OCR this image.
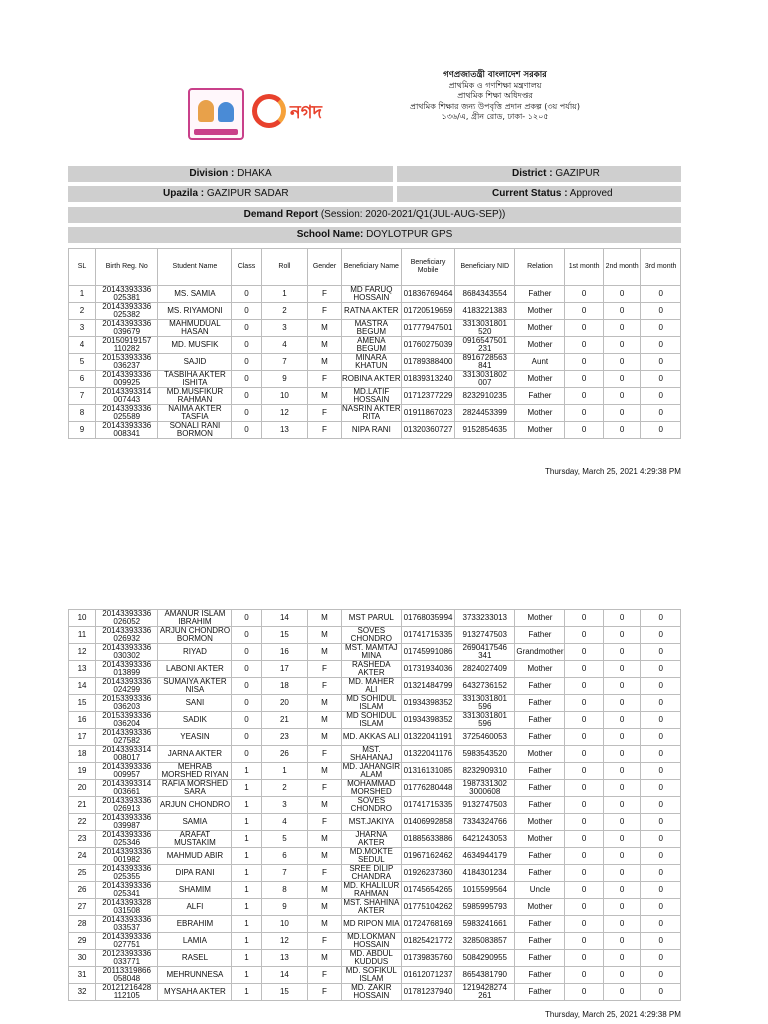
নগদ
গণপ্রজাতন্ত্রী বাংলাদেশ সরকার
প্রাথমিক ও গণশিক্ষা মন্ত্রণালয়
প্রাথমিক শিক্ষা অধিদপ্তর
প্রাথমিক শিক্ষার জন্য উপবৃত্তি প্রদান প্রকল্প (৩য় পর্যায়)
১৩৬/এ, গ্রীন রোড, ঢাকা- ১২০৫
Division : DHAKA	District : GAZIPUR
Upazila : GAZIPUR SADAR	Current Status : Approved
Demand Report (Session: 2020-2021/Q1(JUL-AUG-SEP))
School Name: DOYLOTPUR GPS
SL	Birth Reg. No	Student Name	Class	Roll	Gender	Beneficiary Name	Beneficiary Mobile	Beneficiary NID	Relation	1st month	2nd month	3rd month
1	20143393336 025381	MS. SAMIA	0	1	F	MD FARUQ HOSSAIN	01836769464	8684343554	Father	0	0	0
2	20143393336 025382	MS. RIYAMONI	0	2	F	RATNA AKTER	01720519659	4183221383	Mother	0	0	0
3	20143393336 039679	MAHMUDUAL HASAN	0	3	M	MASTRA BEGUM	01777947501	3313031801 520	Mother	0	0	0
4	20150919157 110282	MD. MUSFIK	0	4	M	AMENA BEGUM	01760275039	0916547501 231	Mother	0	0	0
5	20153393336 036237	SAJID	0	7	M	MINARA KHATUN	01789388400	8916728563 841	Aunt	0	0	0
6	20143393336 009925	TASBIHA AKTER ISHITA	0	9	F	ROBINA AKTER	01839313240	3313031802 007	Mother	0	0	0
7	20143393314 007443	MD.MUSFIKUR RAHMAN	0	10	M	MD.LATIF HOSSAIN	01712377229	8232910235	Father	0	0	0
8	20143393336 025589	NAIMA AKTER TASFIA	0	12	F	NASRIN AKTER RITA	01911867023	2824453399	Mother	0	0	0
9	20143393336 008341	SONALI RANI BORMON	0	13	F	NIPA RANI	01320360727	9152854635	Mother	0	0	0
Thursday, March 25, 2021 4:29:38 PM
10	20143393336 026052	AMANUR ISLAM IBRAHIM	0	14	M	MST PARUL	01768035994	3733233013	Mother	0	0	0
11	20143393336 026932	ARJUN CHONDRO BORMON	0	15	M	SOVES CHONDRO	01741715335	9132747503	Father	0	0	0
12	20143393336 030302	RIYAD	0	16	M	MST. MAMTAJ MINA	01745991086	2690417546 341	Grandmother	0	0	0
13	20143393336 013899	LABONI AKTER	0	17	F	RASHEDA AKTER	01731934036	2824027409	Mother	0	0	0
14	20143393336 024299	SUMAIYA AKTER NISA	0	18	F	MD. MAHER ALI	01321484799	6432736152	Father	0	0	0
15	20153393336 036203	SANI	0	20	M	MD SOHIDUL ISLAM	01934398352	3313031801 596	Father	0	0	0
16	20153393336 036204	SADIK	0	21	M	MD SOHIDUL ISLAM	01934398352	3313031801 596	Father	0	0	0
17	20143393336 027582	YEASIN	0	23	M	MD. AKKAS ALI	01322041191	3725460053	Father	0	0	0
18	20143393314 008017	JARNA AKTER	0	26	F	MST. SHAHANAJ	01322041176	5983543520	Mother	0	0	0
19	20143393336 009957	MEHRAB MORSHED RIYAN	1	1	M	MD. JAHANGIR ALAM	01316131085	8232909310	Father	0	0	0
20	20143393314 003661	RAFIA MORSHED SARA	1	2	F	MOHAMMAD MORSHED	01776280448	1987331302 3000608	Father	0	0	0
21	20143393336 026913	ARJUN CHONDRO	1	3	M	SOVES CHONDRO	01741715335	9132747503	Father	0	0	0
22	20143393336 039987	SAMIA	1	4	F	MST.JAKIYA	01406992858	7334324766	Mother	0	0	0
23	20143393336 025346	ARAFAT MUSTAKIM	1	5	M	JHARNA AKTER	01885633886	6421243053	Mother	0	0	0
24	20143393336 001982	MAHMUD ABIR	1	6	M	MD.MOKTE SEDUL	01967162462	4634944179	Father	0	0	0
25	20143393336 025355	DIPA RANI	1	7	F	SREE DILIP CHANDRA	01926237360	4184301234	Father	0	0	0
26	20143393336 025341	SHAMIM	1	8	M	MD. KHALILUR RAHMAN	01745654265	1015599564	Uncle	0	0	0
27	20143393328 031508	ALFI	1	9	M	MST. SHAHINA AKTER	01775104262	5985995793	Mother	0	0	0
28	20143393336 033537	EBRAHIM	1	10	M	MD RIPON MIA	01724768169	5983241661	Father	0	0	0
29	20143393336 027751	LAMIA	1	12	F	MD.LOKMAN HOSSAIN	01825421772	3285083857	Father	0	0	0
30	20123393336 033771	RASEL	1	13	M	MD. ABDUL KUDDUS	01739835760	5084290955	Father	0	0	0
31	20113319866 058048	MEHRUNNESA	1	14	F	MD. SOFIKUL ISLAM	01612071237	8654381790	Father	0	0	0
32	20121216428 112105	MYSAHA AKTER	1	15	F	MD. ZAKIR HOSSAIN	01781237940	1219428274 261	Father	0	0	0
Thursday, March 25, 2021 4:29:38 PM
